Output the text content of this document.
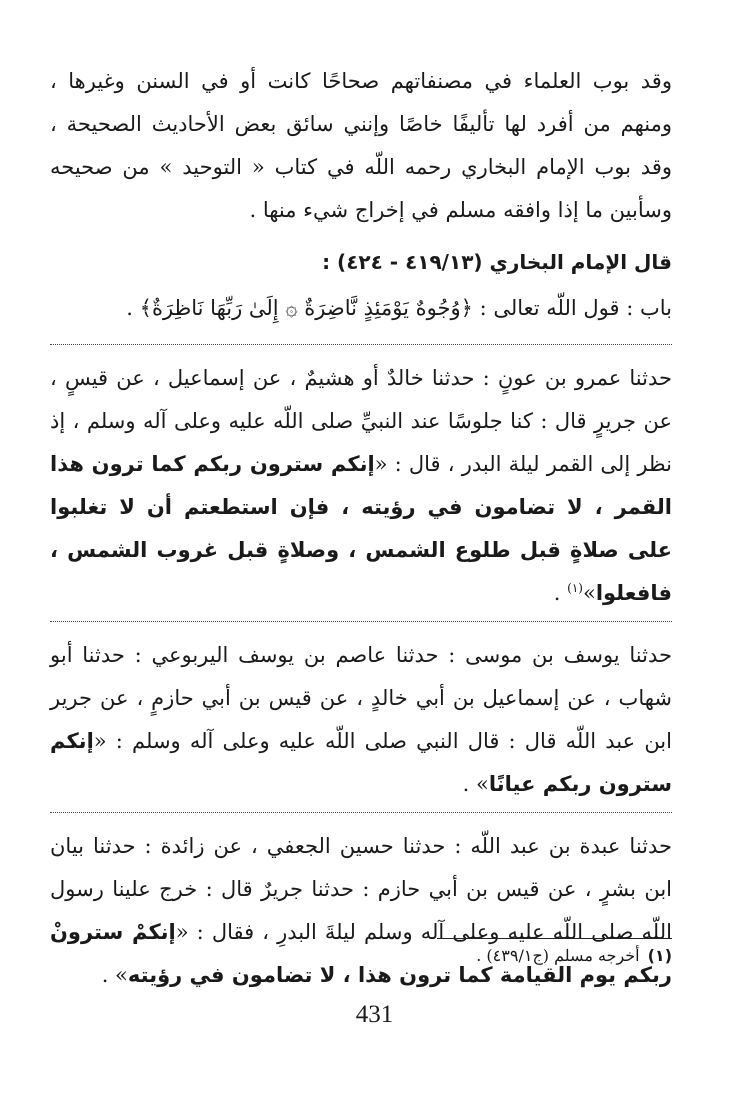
وقد بوب العلماء في مصنفاتهم صحاحًا كانت أو في السنن وغيرها ، ومنهم من أفرد لها تأليفًا خاصًا وإنني سائق بعض الأحاديث الصحيحة ، وقد بوب الإمام البخاري رحمه اللّه في كتاب « التوحيد » من صحيحه وسأبين ما إذا وافقه مسلم في إخراج شيء منها .

قال الإمام البخاري (٤١٩/١٣ - ٤٢٤) :

باب : قول اللّه تعالى : ﴿وُجُوهٌ يَوْمَئِذٍ نَّاضِرَةٌ ۞ إِلَىٰ رَبِّهَا نَاظِرَةٌ﴾ .

حدثنا عمرو بن عونٍ : حدثنا خالدٌ أو هشيمٌ ، عن إسماعيل ، عن قيسٍ ، عن جريرٍ قال : كنا جلوسًا عند النبيِّ صلى اللّه عليه وعلى آله وسلم ، إذ نظر إلى القمر ليلة البدر ، قال : «إنكم سترون ربكم كما ترون هذا القمر ، لا تضامون في رؤيته ، فإن استطعتم أن لا تغلبوا على صلاةٍ قبل طلوع الشمس ، وصلاةٍ قبل غروب الشمس ، فافعلوا»$^{(١)}$ .

حدثنا يوسف بن موسى : حدثنا عاصم بن يوسف اليربوعي : حدثنا أبو شهاب ، عن إسماعيل بن أبي خالدٍ ، عن قيس بن أبي حازمٍ ، عن جرير ابن عبد اللّه قال : قال النبي صلى اللّه عليه وعلى آله وسلم : «إنكم سترون ربكم عيانًا» .

حدثنا عبدة بن عبد اللّه : حدثنا حسين الجعفي ، عن زائدة : حدثنا بيان ابن بشرٍ ، عن قيس بن أبي حازم : حدثنا جريرٌ قال : خرج علينا رسول اللّه صلى اللّه عليه وعلى آله وسلم ليلةَ البدرِ ، فقال : «إنكمْ سترونْ ربكم يوم القيامة كما ترون هذا ، لا تضامون في رؤيته» .

(١)أخرجه مسلم (ج٤٣٩/١) .
431
